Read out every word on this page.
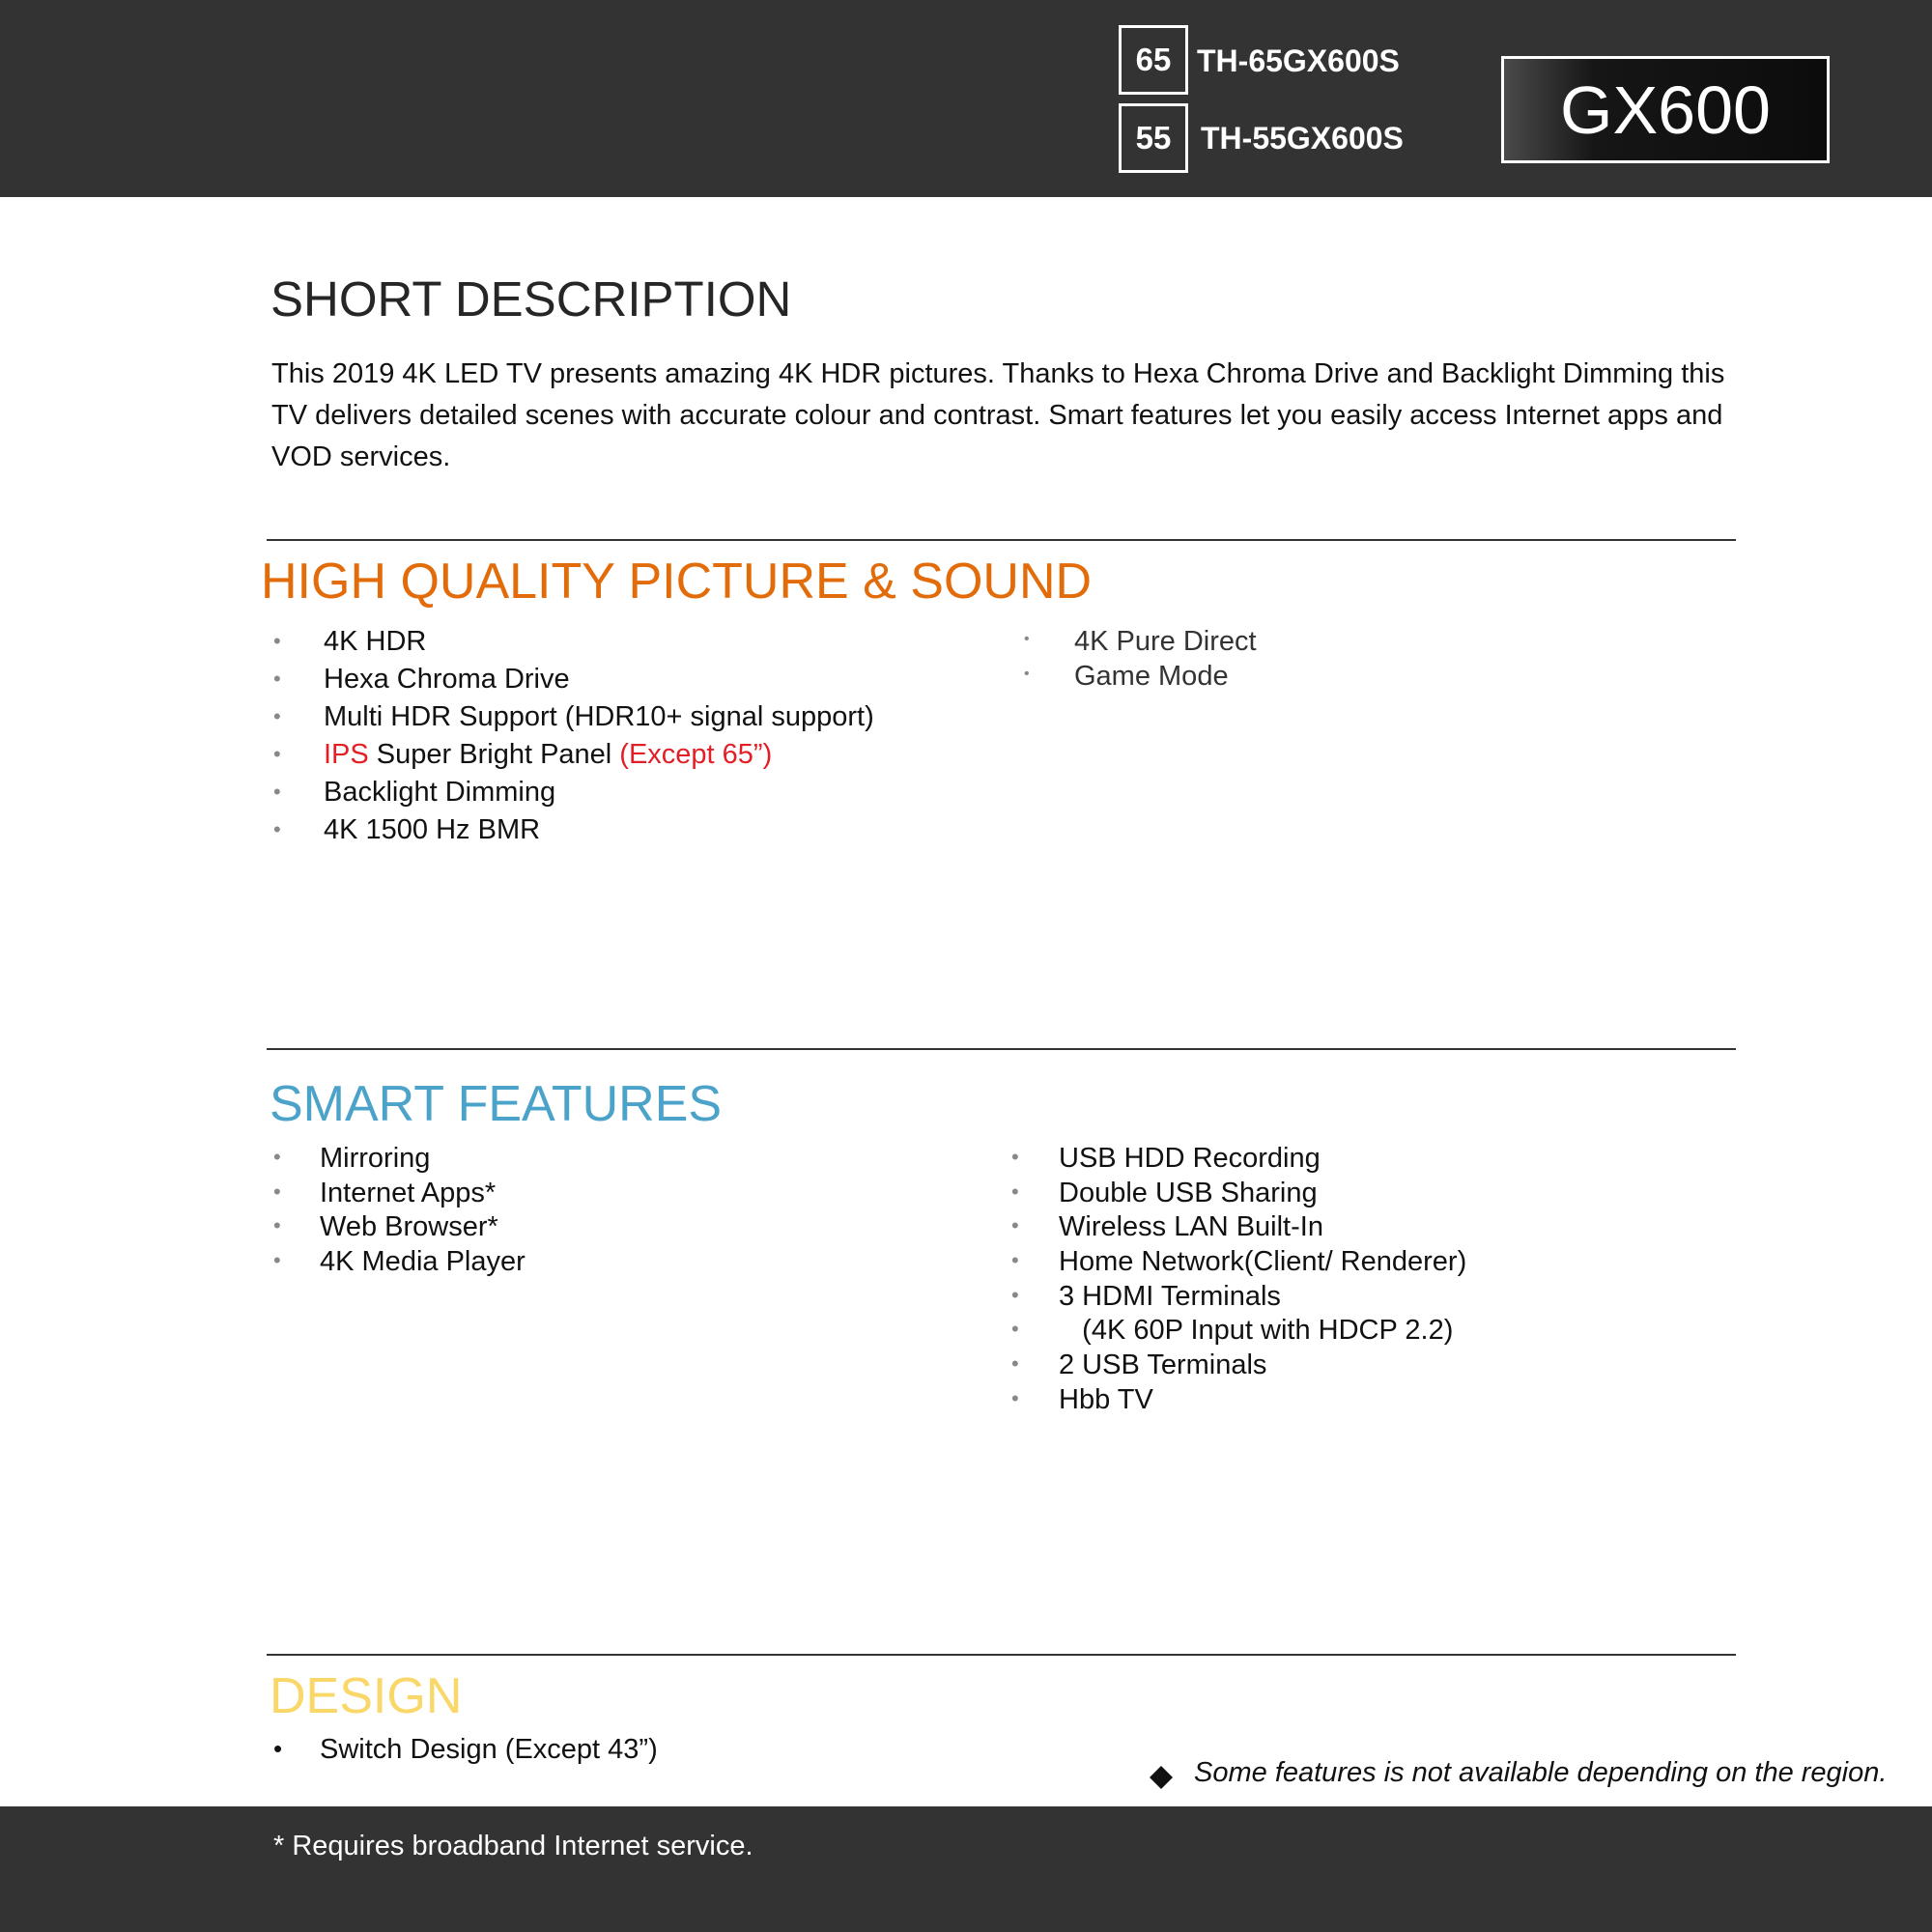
65 TH-65GX600S
55 TH-55GX600S	GX600
SHORT DESCRIPTION

This 2019 4K LED TV presents amazing 4K HDR pictures. Thanks to Hexa Chroma Drive and Backlight Dimming this TV delivers detailed scenes with accurate colour and contrast. Smart features let you easily access Internet apps and VOD services.

HIGH QUALITY PICTURE & SOUND
• 4K HDR
• Hexa Chroma Drive
• Multi HDR Support (HDR10+ signal support)
• IPS Super Bright Panel (Except 65”)
• Backlight Dimming
• 4K 1500 Hz BMR
• 4K Pure Direct
• Game Mode
SMART FEATURES
• Mirroring
• Internet Apps*
• Web Browser*
• 4K Media Player
• USB HDD Recording
• Double USB Sharing
• Wireless LAN Built-In
• Home Network(Client/ Renderer)
• 3 HDMI Terminals
• (4K 60P Input with HDCP 2.2)
• 2 USB Terminals
• Hbb TV
DESIGN
• Switch Design (Except 43”)
Some features is not available depending on the region.
* Requires broadband Internet service.
